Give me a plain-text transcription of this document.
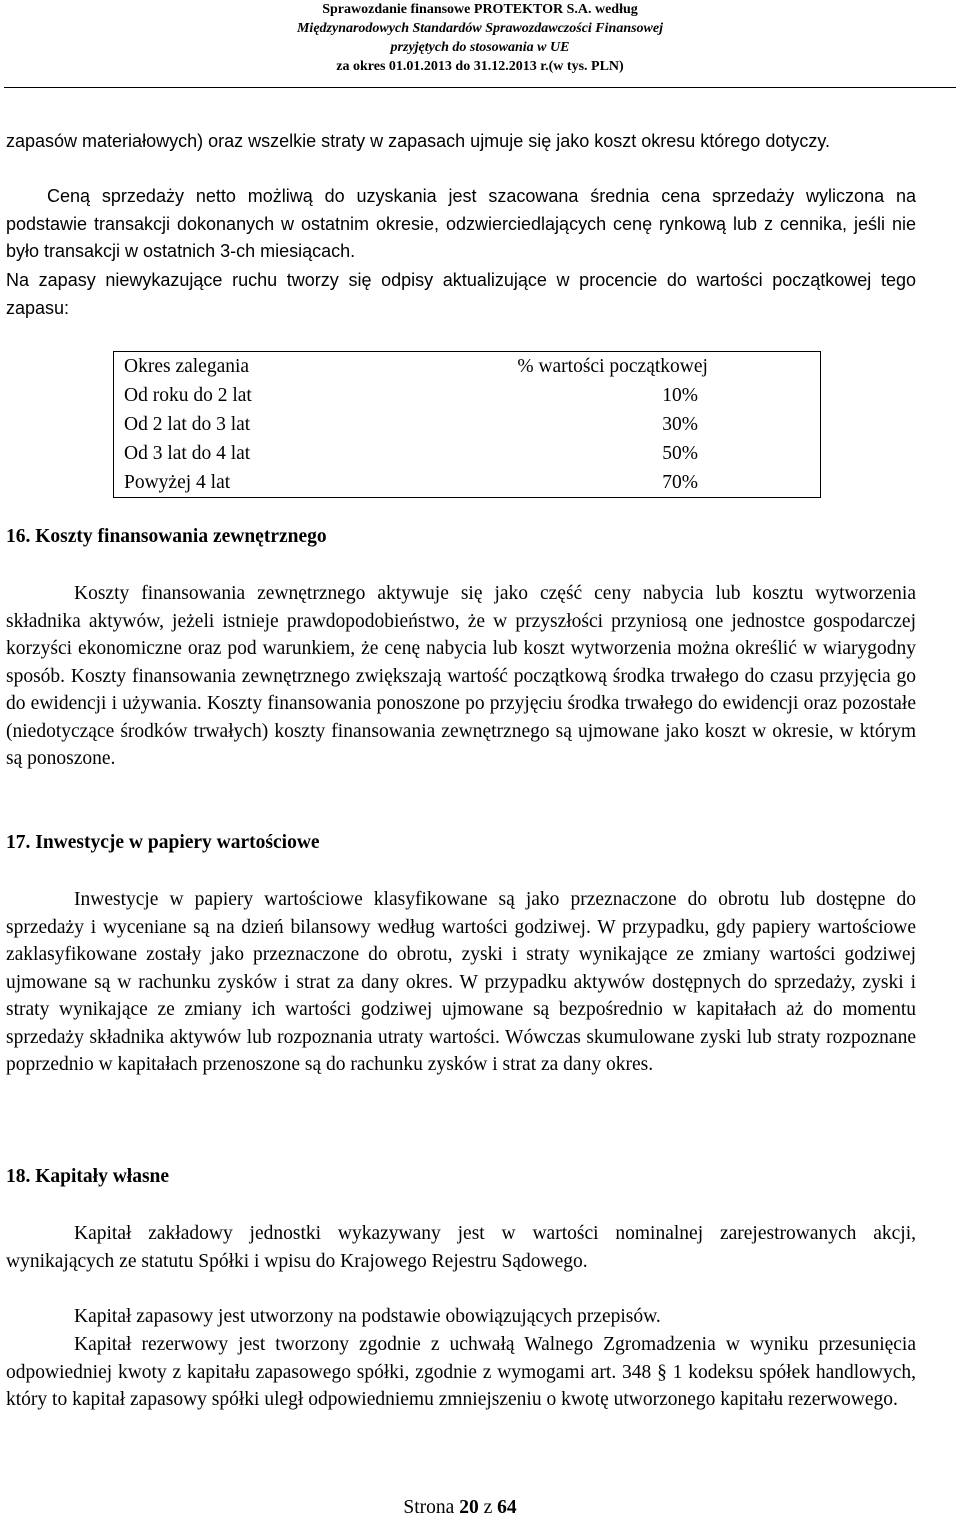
Sprawozdanie finansowe PROTEKTOR S.A. według
Międzynarodowych Standardów Sprawozdawczości Finansowej
przyjętych do stosowania w UE
za okres 01.01.2013 do 31.12.2013 r.(w tys. PLN)
zapasów materiałowych) oraz wszelkie straty w zapasach ujmuje się jako koszt okresu którego dotyczy.
Ceną sprzedaży netto możliwą do uzyskania jest szacowana średnia cena sprzedaży wyliczona na podstawie transakcji dokonanych w ostatnim okresie, odzwierciedlających cenę rynkową lub z cennika, jeśli nie było transakcji w ostatnich 3-ch miesiącach.
Na zapasy niewykazujące ruchu tworzy się odpisy aktualizujące w procencie do wartości początkowej tego zapasu:
Okres zalegania	% wartości początkowej
Od roku do 2 lat	10%
Od 2 lat do 3 lat	30%
Od 3 lat do 4 lat	50%
Powyżej 4 lat	70%
16. Koszty finansowania zewnętrznego
Koszty finansowania zewnętrznego aktywuje się jako część ceny nabycia lub kosztu wytworzenia składnika aktywów, jeżeli istnieje prawdopodobieństwo, że w przyszłości przyniosą one jednostce gospodarczej korzyści ekonomiczne oraz pod warunkiem, że cenę nabycia lub koszt wytworzenia można określić w wiarygodny sposób. Koszty finansowania zewnętrznego zwiększają wartość początkową środka trwałego do czasu przyjęcia go do ewidencji i używania. Koszty finansowania ponoszone po przyjęciu środka trwałego do ewidencji oraz pozostałe (niedotyczące środków trwałych) koszty finansowania zewnętrznego są ujmowane jako koszt w okresie, w którym są ponoszone.
17. Inwestycje w papiery wartościowe
Inwestycje w papiery wartościowe klasyfikowane są jako przeznaczone do obrotu lub dostępne do sprzedaży i wyceniane są na dzień bilansowy według wartości godziwej. W przypadku, gdy papiery wartościowe zaklasyfikowane zostały jako przeznaczone do obrotu, zyski i straty wynikające ze zmiany wartości godziwej ujmowane są w rachunku zysków i strat za dany okres. W przypadku aktywów dostępnych do sprzedaży, zyski i straty wynikające ze zmiany ich wartości godziwej ujmowane są bezpośrednio w kapitałach aż do momentu sprzedaży składnika aktywów lub rozpoznania utraty wartości. Wówczas skumulowane zyski lub straty rozpoznane poprzednio w kapitałach przenoszone są do rachunku zysków i strat za dany okres.
18. Kapitały własne
Kapitał zakładowy jednostki wykazywany jest w wartości nominalnej zarejestrowanych akcji, wynikających ze statutu Spółki i wpisu do Krajowego Rejestru Sądowego.
Kapitał zapasowy jest utworzony na podstawie obowiązujących przepisów.
Kapitał rezerwowy jest tworzony zgodnie z uchwałą Walnego Zgromadzenia w wyniku przesunięcia odpowiedniej kwoty z kapitału zapasowego spółki, zgodnie z wymogami art. 348 § 1 kodeksu spółek handlowych, który to kapitał zapasowy spółki uległ odpowiedniemu zmniejszeniu o kwotę utworzonego kapitału rezerwowego.
Strona 20 z 64
